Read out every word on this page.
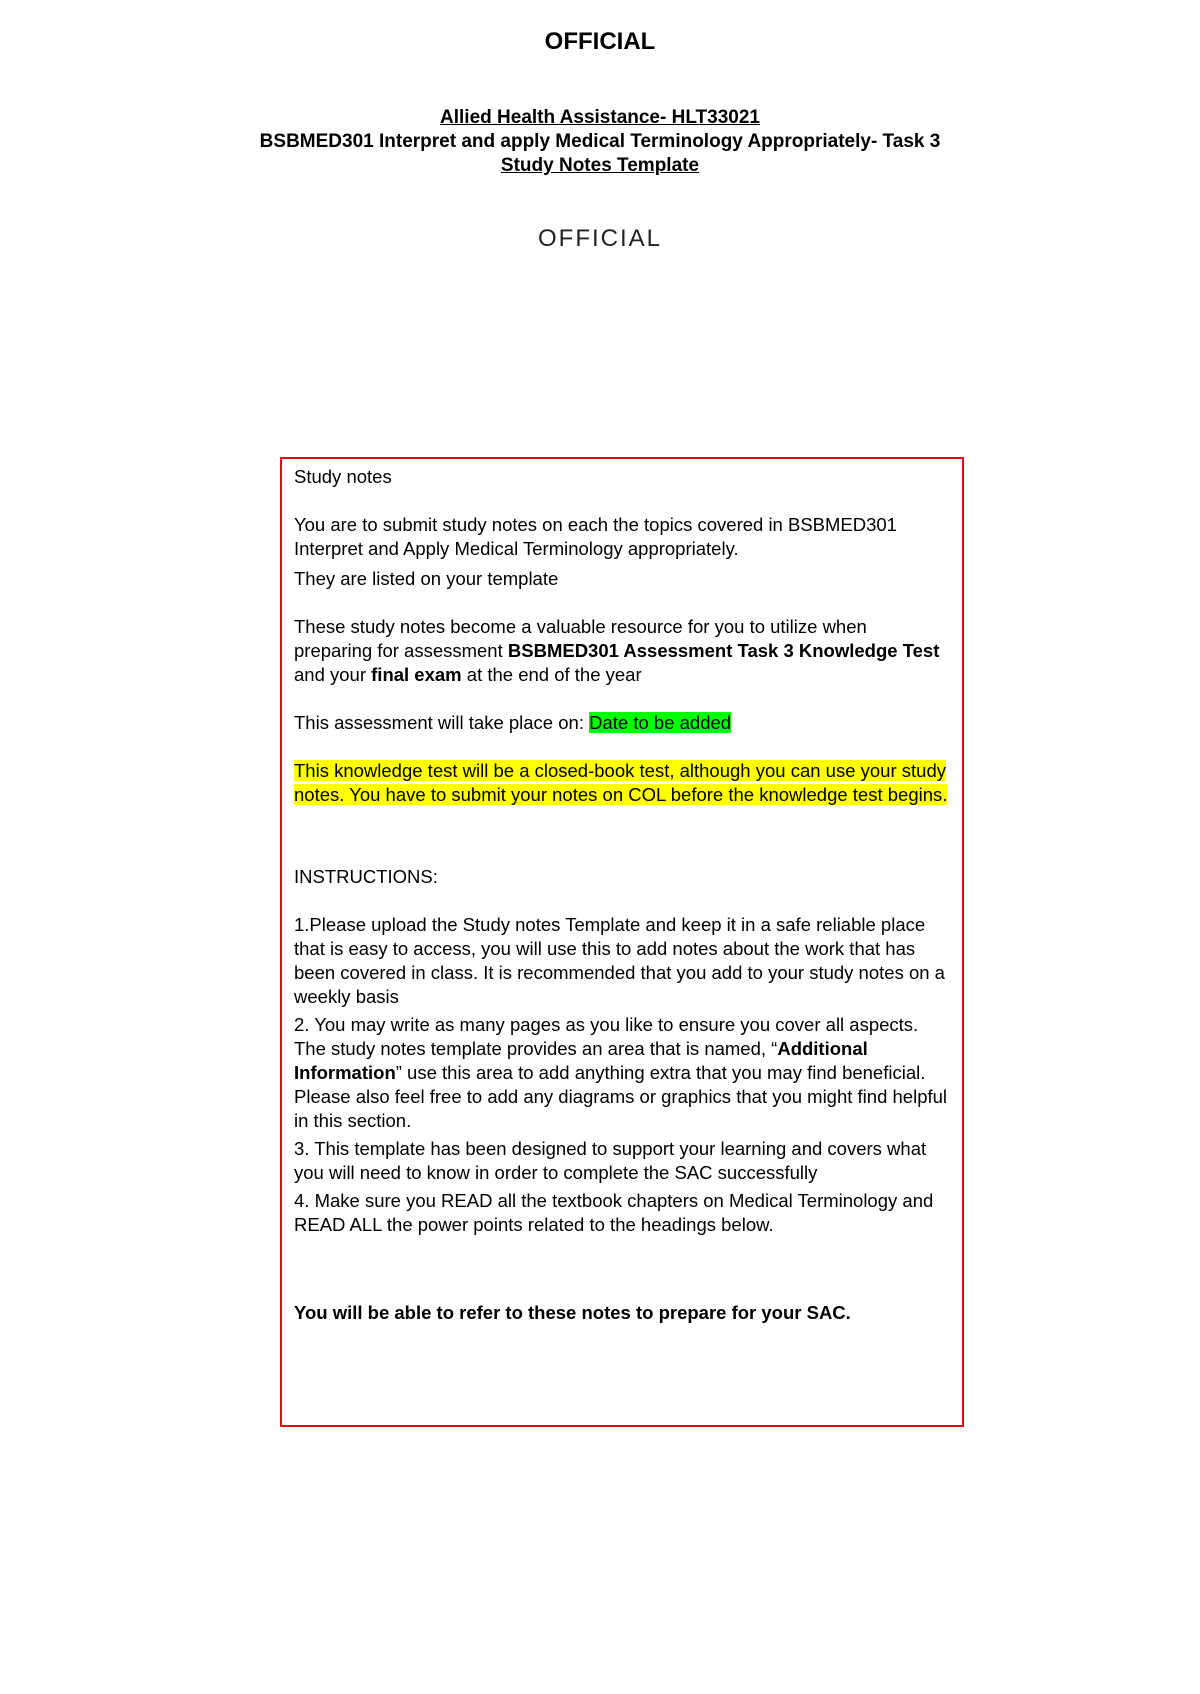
OFFICIAL
Allied Health Assistance- HLT33021
BSBMED301 Interpret and apply Medical Terminology Appropriately- Task 3
Study Notes Template
OFFICIAL

Study notes

You are to submit study notes on each the topics covered in BSBMED301 Interpret and Apply Medical Terminology appropriately.

They are listed on your template

These study notes become a valuable resource for you to utilize when preparing for assessment BSBMED301 Assessment Task 3 Knowledge Test and your final exam at the end of the year

This assessment will take place on: Date to be added

This knowledge test will be a closed-book test, although you can use your study notes. You have to submit your notes on COL before the knowledge test begins.

INSTRUCTIONS:

1.Please upload the Study notes Template and keep it in a safe reliable place that is easy to access, you will use this to add notes about the work that has been covered in class. It is recommended that you add to your study notes on a weekly basis

2. You may write as many pages as you like to ensure you cover all aspects. The study notes template provides an area that is named, “Additional Information” use this area to add anything extra that you may find beneficial. Please also feel free to add any diagrams or graphics that you might find helpful in this section.

3. This template has been designed to support your learning and covers what you will need to know in order to complete the SAC successfully

4. Make sure you READ all the textbook chapters on Medical Terminology and READ ALL the power points related to the headings below.

You will be able to refer to these notes to prepare for your SAC.
